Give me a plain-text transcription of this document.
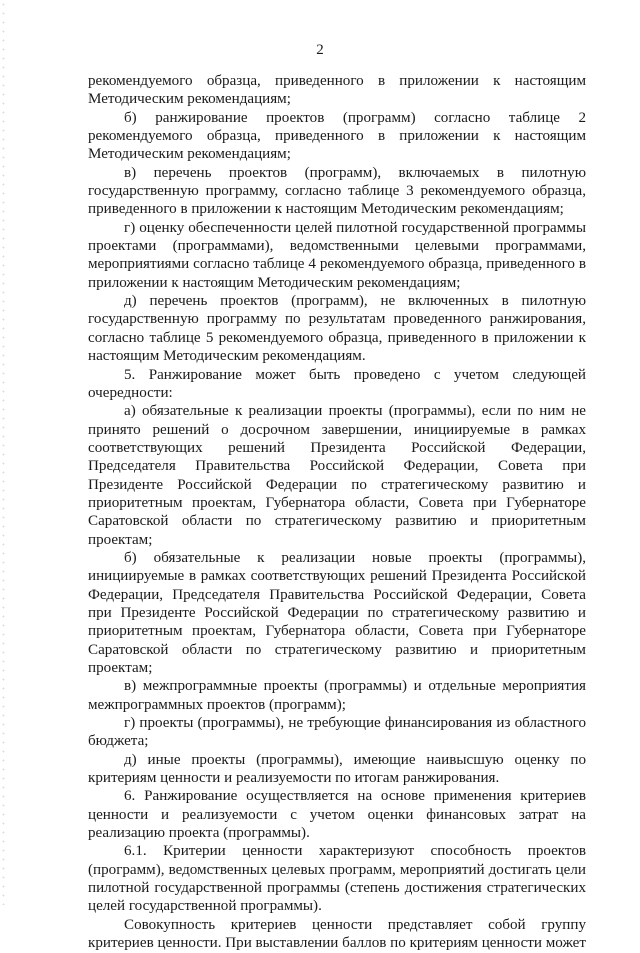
2

рекомендуемого образца, приведенного в приложении к настоящим Методическим рекомендациям;

б) ранжирование проектов (программ) согласно таблице 2 рекомендуемого образца, приведенного в приложении к настоящим Методическим рекомендациям;

в) перечень проектов (программ), включаемых в пилотную государственную программу, согласно таблице 3 рекомендуемого образца, приведенного в приложении к настоящим Методическим рекомендациям;

г) оценку обеспеченности целей пилотной государственной программы проектами (программами), ведомственными целевыми программами, мероприятиями согласно таблице 4 рекомендуемого образца, приведенного в приложении к настоящим Методическим рекомендациям;

д) перечень проектов (программ), не включенных в пилотную государственную программу по результатам проведенного ранжирования, согласно таблице 5 рекомендуемого образца, приведенного в приложении к настоящим Методическим рекомендациям.

5. Ранжирование может быть проведено с учетом следующей очередности:

а) обязательные к реализации проекты (программы), если по ним не принято решений о досрочном завершении, инициируемые в рамках соответствующих решений Президента Российской Федерации, Председателя Правительства Российской Федерации, Совета при Президенте Российской Федерации по стратегическому развитию и приоритетным проектам, Губернатора области, Совета при Губернаторе Саратовской области по стратегическому развитию и приоритетным проектам;

б) обязательные к реализации новые проекты (программы), инициируемые в рамках соответствующих решений Президента Российской Федерации, Председателя Правительства Российской Федерации, Совета при Президенте Российской Федерации по стратегическому развитию и приоритетным проектам, Губернатора области, Совета при Губернаторе Саратовской области по стратегическому развитию и приоритетным проектам;

в) межпрограммные проекты (программы) и отдельные мероприятия межпрограммных проектов (программ);

г) проекты (программы), не требующие финансирования из областного бюджета;

д) иные проекты (программы), имеющие наивысшую оценку по критериям ценности и реализуемости по итогам ранжирования.

6. Ранжирование осуществляется на основе применения критериев ценности и реализуемости с учетом оценки финансовых затрат на реализацию проекта (программы).

6.1. Критерии ценности характеризуют способность проектов (программ), ведомственных целевых программ, мероприятий достигать цели пилотной государственной программы (степень достижения стратегических целей государственной программы).

Совокупность критериев ценности представляет собой группу критериев ценности. При выставлении баллов по критериям ценности может
